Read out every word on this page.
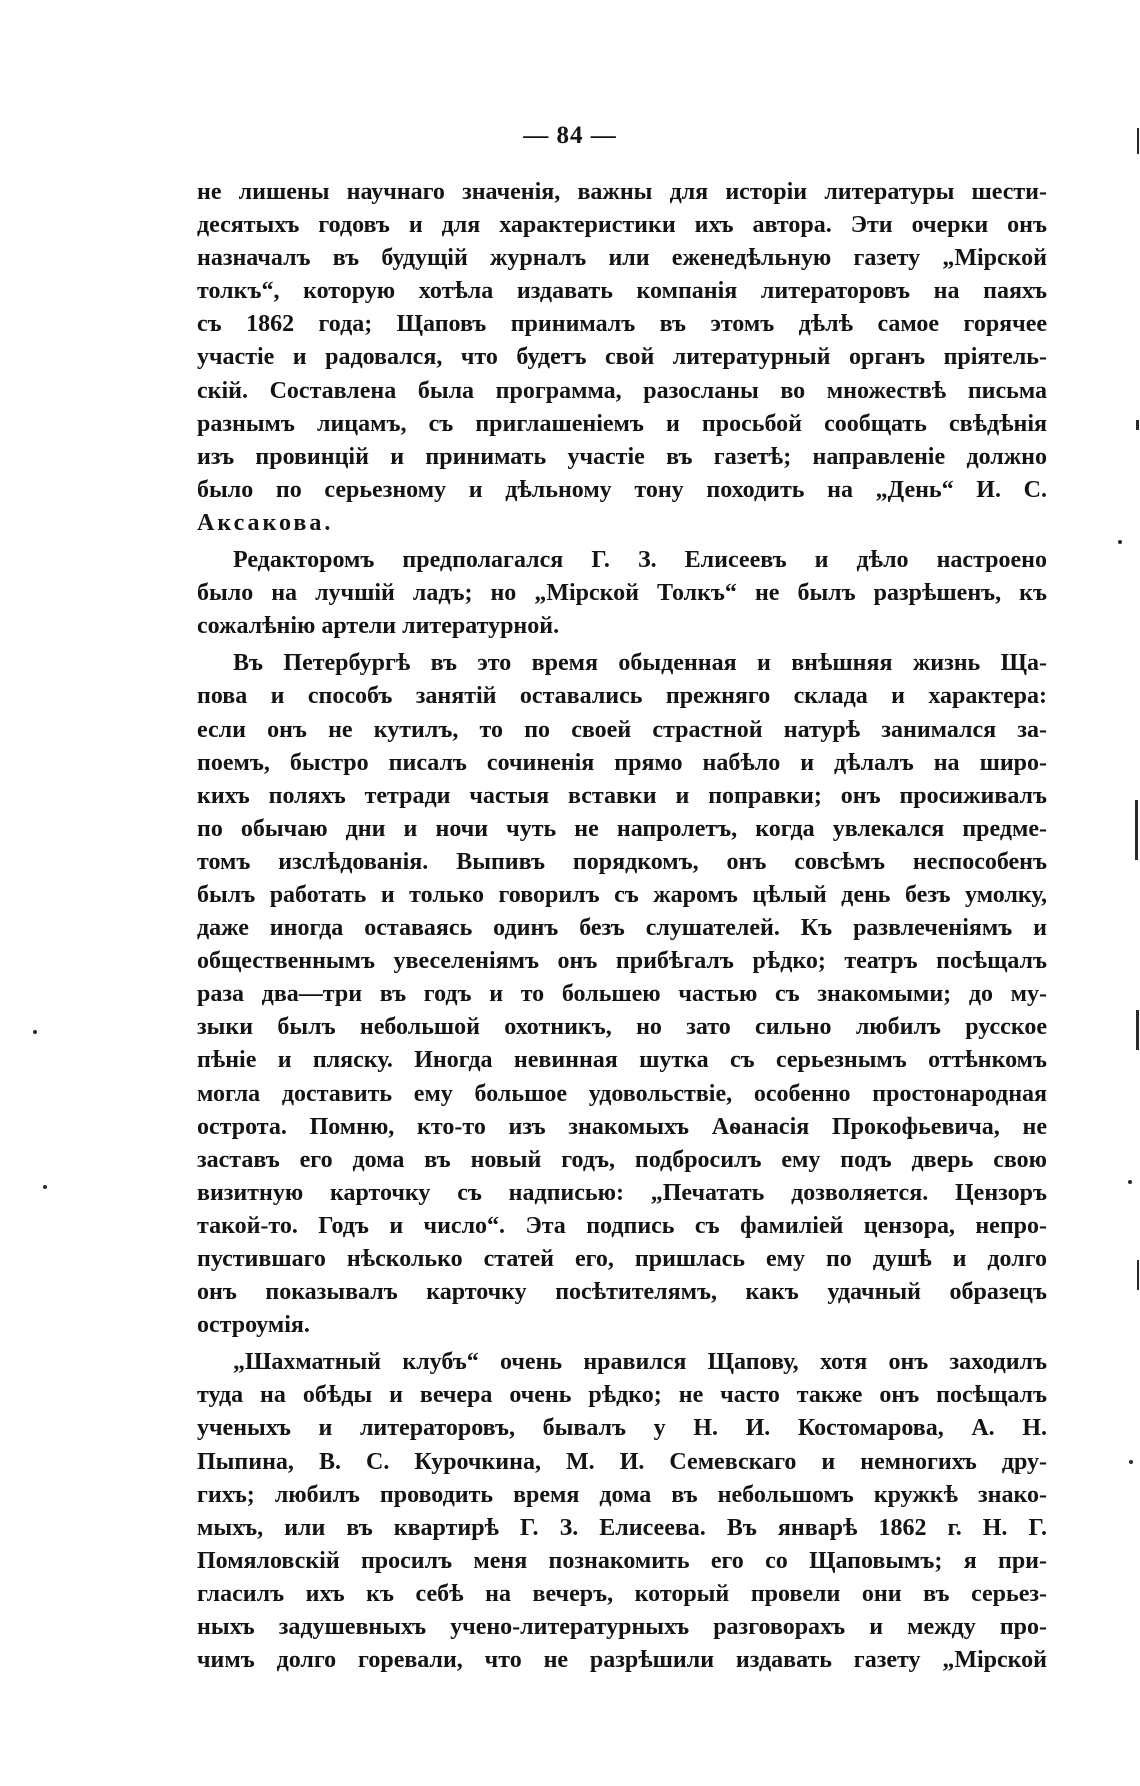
— 84 —
не лишены научнаго значенія, важны для исторіи литературы шести-
десятыхъ годовъ и для характеристики ихъ автора. Эти очерки онъ
назначалъ въ будущій журналъ или еженедѣльную газету „Мірской
толкъ“, которую хотѣла издавать компанія литераторовъ на паяхъ
съ 1862 года; Щаповъ принималъ въ этомъ дѣлѣ самое горячее
участіе и радовался, что будетъ свой литературный органъ пріятель-
скій. Составлена была программа, разосланы во множествѣ письма
разнымъ лицамъ, съ приглашеніемъ и просьбой сообщать свѣдѣнія
изъ провинцій и принимать участіе въ газетѣ; направленіе должно
было по серьезному и дѣльному тону походить на „День“ И. С.
Аксакова.
Редакторомъ предполагался Г. З. Елисеевъ и дѣло настроено
было на лучшій ладъ; но „Мірской Толкъ“ не былъ разрѣшенъ, къ
сожалѣнію артели литературной.
Въ Петербургѣ въ это время обыденная и внѣшняя жизнь Ща-
пова и способъ занятій оставались прежняго склада и характера:
если онъ не кутилъ, то по своей страстной натурѣ занимался за-
поемъ, быстро писалъ сочиненія прямо набѣло и дѣлалъ на широ-
кихъ поляхъ тетради частыя вставки и поправки; онъ просиживалъ
по обычаю дни и ночи чуть не напролетъ, когда увлекался предме-
томъ изслѣдованія. Выпивъ порядкомъ, онъ совсѣмъ неспособенъ
былъ работать и только говорилъ съ жаромъ цѣлый день безъ умолку,
даже иногда оставаясь одинъ безъ слушателей. Къ развлеченіямъ и
общественнымъ увеселеніямъ онъ прибѣгалъ рѣдко; театръ посѣщалъ
раза два—три въ годъ и то большею частью съ знакомыми; до му-
зыки былъ небольшой охотникъ, но зато сильно любилъ русское
пѣніе и пляску. Иногда невинная шутка съ серьезнымъ оттѣнкомъ
могла доставить ему большое удовольствіе, особенно простонародная
острота. Помню, кто-то изъ знакомыхъ Аѳанасія Прокофьевича, не
заставъ его дома въ новый годъ, подбросилъ ему подъ дверь свою
визитную карточку съ надписью: „Печатать дозволяется. Цензоръ
такой-то. Годъ и число“. Эта подпись съ фамиліей цензора, непро-
пустившаго нѣсколько статей его, пришлась ему по душѣ и долго
онъ показывалъ карточку посѣтителямъ, какъ удачный образецъ
остроумія.
„Шахматный клубъ“ очень нравился Щапову, хотя онъ заходилъ
туда на обѣды и вечера очень рѣдко; не часто также онъ посѣщалъ
ученыхъ и литераторовъ, бывалъ у Н. И. Костомарова, А. Н.
Пыпина, В. С. Курочкина, М. И. Семевскаго и немногихъ дру-
гихъ; любилъ проводить время дома въ небольшомъ кружкѣ знако-
мыхъ, или въ квартирѣ Г. З. Елисеева. Въ январѣ 1862 г. Н. Г.
Помяловскій просилъ меня познакомить его со Щаповымъ; я при-
гласилъ ихъ къ себѣ на вечеръ, который провели они въ серьез-
ныхъ задушевныхъ учено-литературныхъ разговорахъ и между про-
чимъ долго горевали, что не разрѣшили издавать газету „Мірской
